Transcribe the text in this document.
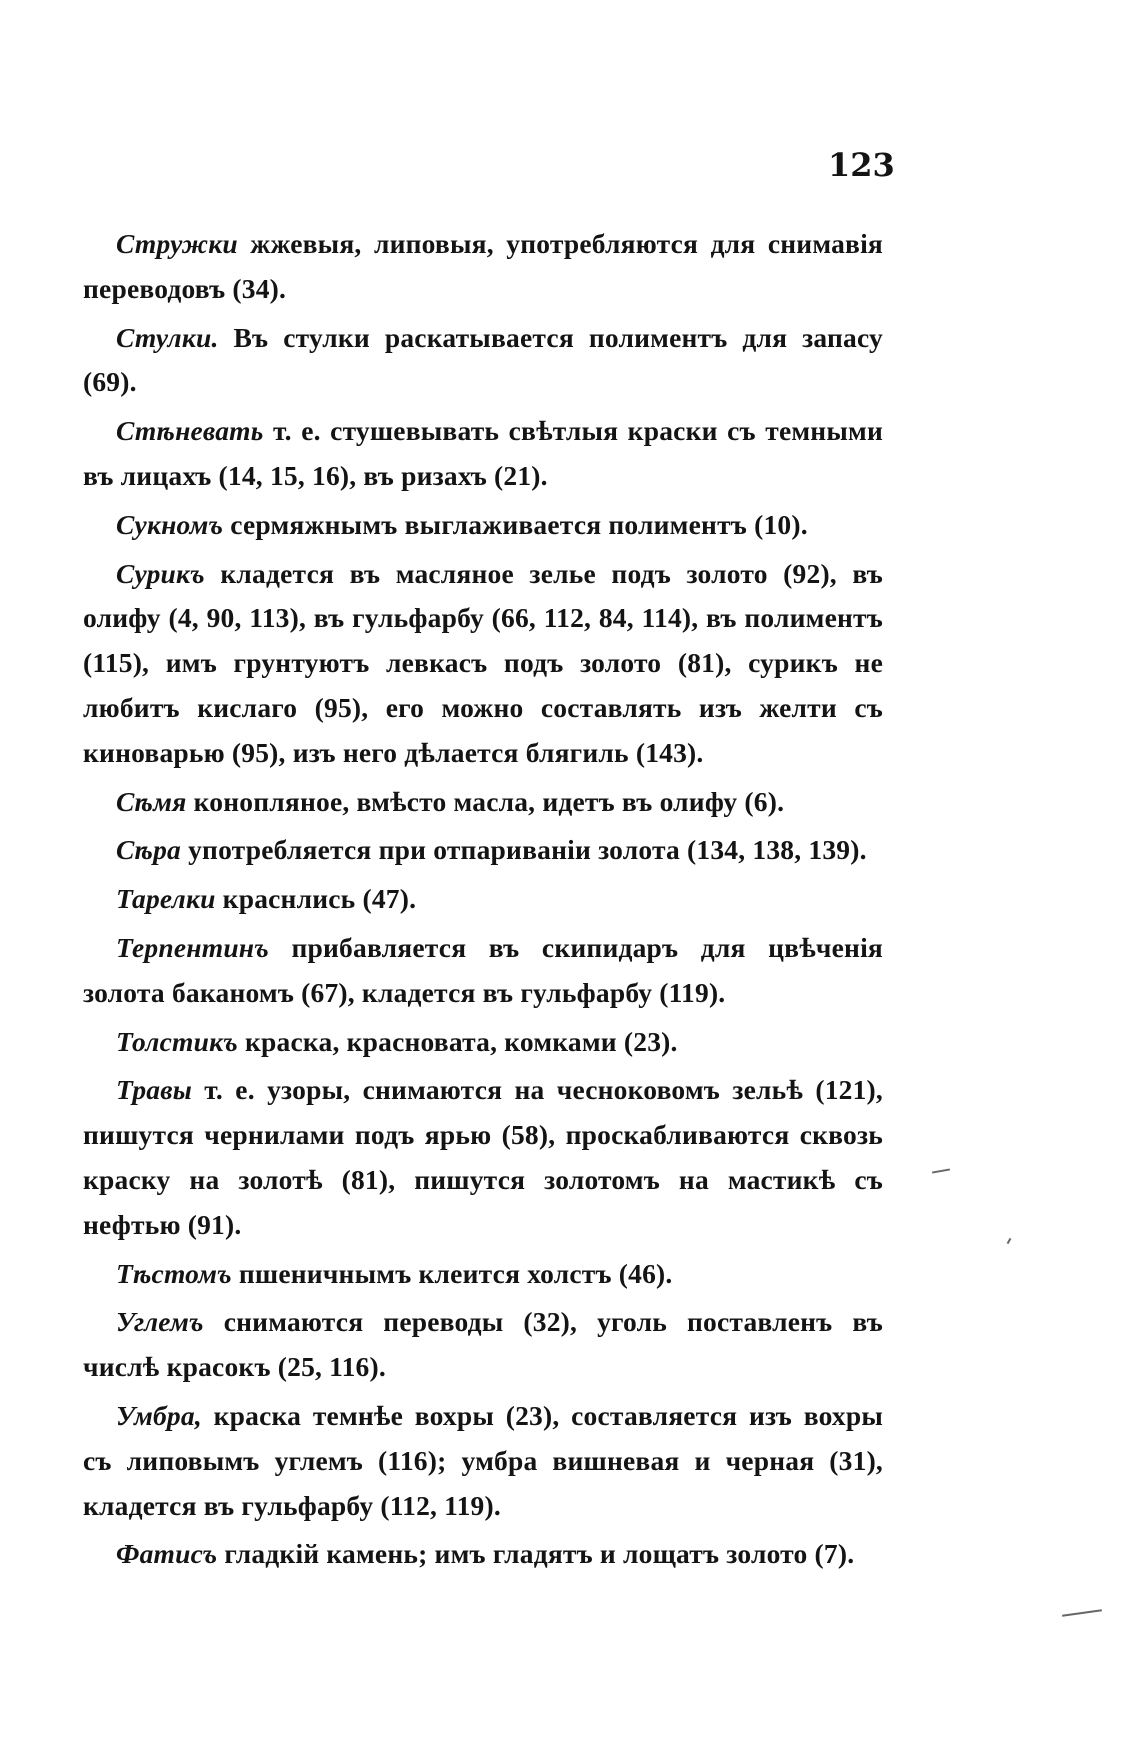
123

Стружки жжевыя, липовыя, употребляются для снимавія переводовъ (34).

Стулки. Въ стулки раскатывается полиментъ для запасу (69).

Стѣневать т. е. стушевывать свѣтлыя краски съ темными въ лицахъ (14, 15, 16), въ ризахъ (21).

Сукномъ сермяжнымъ выглаживается полиментъ (10).

Сурикъ кладется въ масляное зелье подъ золото (92), въ олифу (4, 90, 113), въ гульфарбу (66, 112, 84, 114), въ полиментъ (115), имъ грунтуютъ левкасъ подъ золото (81), сурикъ не любитъ кислаго (95), его можно составлять изъ желти съ киноварью (95), изъ него дѣлается блягиль (143).

Сѣмя конопляное, вмѣсто масла, идетъ въ олифу (6).

Сѣра употребляется при отпариваніи золота (134, 138, 139).

Тарелки краснлись (47).

Терпентинъ прибавляется въ скипидаръ для цвѣченія золота баканомъ (67), кладется въ гульфарбу (119).

Толстикъ краска, красновата, комками (23).

Травы т. е. узоры, снимаются на чесноковомъ зельѣ (121), пишутся чернилами подъ ярью (58), проскабливаются сквозь краску на золотѣ (81), пишутся золотомъ на мастикѣ съ нефтью (91).

Тѣстомъ пшеничнымъ клеится холстъ (46).

Углемъ снимаются переводы (32), уголь поставленъ въ числѣ красокъ (25, 116).

Умбра, краска темнѣе вохры (23), составляется изъ вохры съ липовымъ углемъ (116); умбра вишневая и черная (31), кладется въ гульфарбу (112, 119).

Фатисъ гладкій камень; имъ гладятъ и лощатъ золото (7).
